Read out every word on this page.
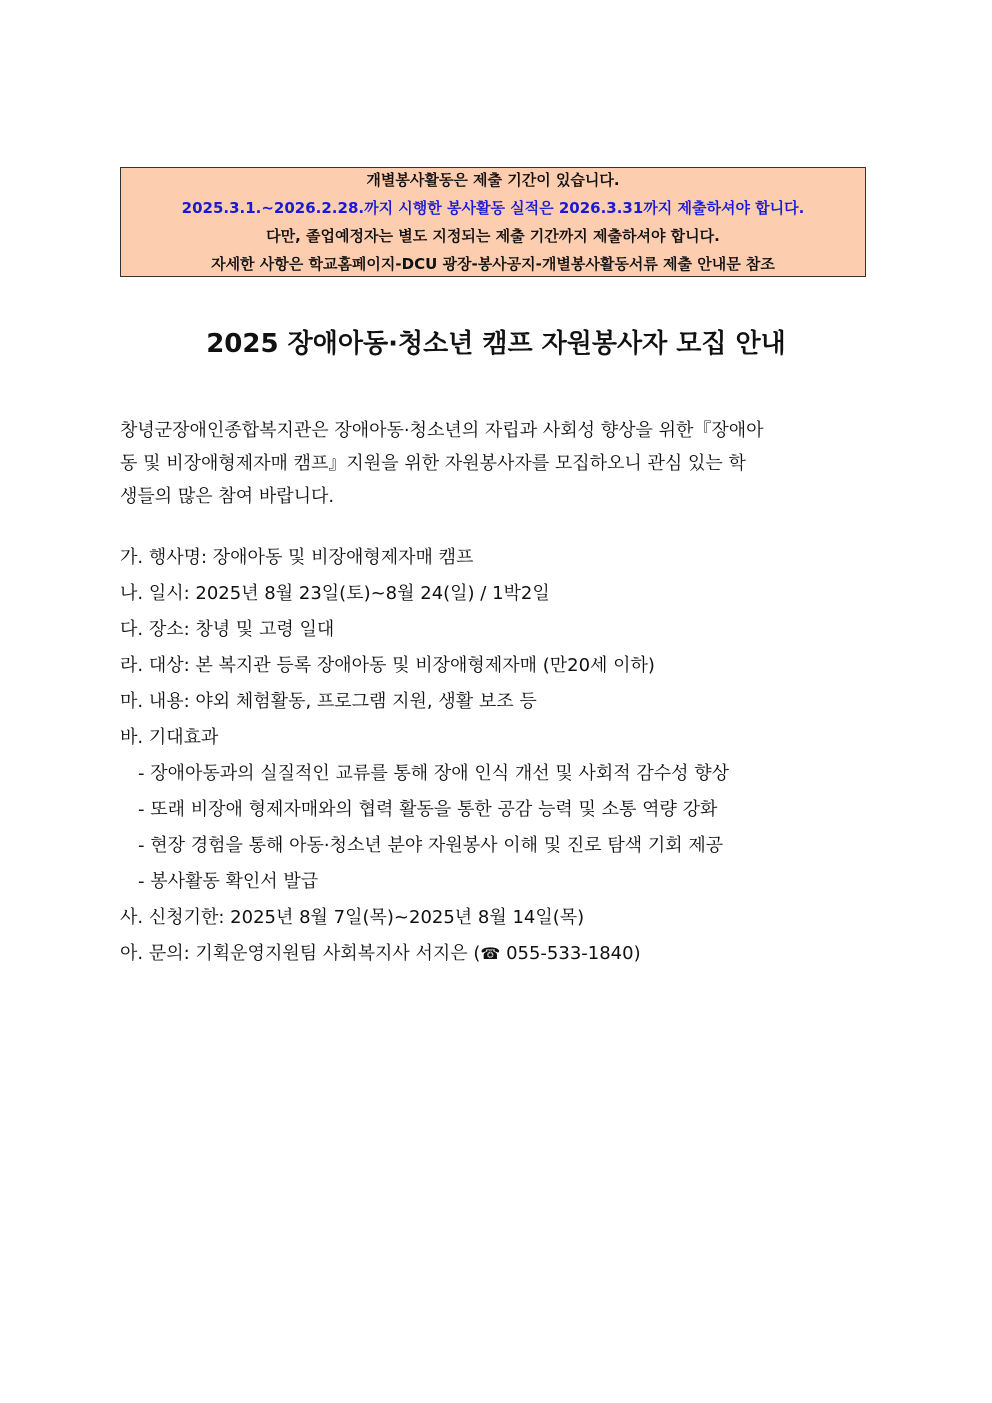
개별봉사활동은 제출 기간이 있습니다.
2025.3.1.~2026.2.28.까지 시행한 봉사활동 실적은 2026.3.31까지 제출하셔야 합니다.
다만, 졸업예정자는 별도 지정되는 제출 기간까지 제출하셔야 합니다.
자세한 사항은 학교홈페이지-DCU 광장-봉사공지-개별봉사활동서류 제출 안내문 참조
2025 장애아동·청소년 캠프 자원봉사자 모집 안내
창녕군장애인종합복지관은 장애아동·청소년의 자립과 사회성 향상을 위한『장애아
동 및 비장애형제자매 캠프』지원을 위한 자원봉사자를 모집하오니 관심 있는 학
생들의 많은 참여 바랍니다.
가. 행사명: 장애아동 및 비장애형제자매 캠프
나. 일시: 2025년 8월 23일(토)~8월 24(일) / 1박2일
다. 장소: 창녕 및 고령 일대
라. 대상: 본 복지관 등록 장애아동 및 비장애형제자매 (만20세 이하)
마. 내용: 야외 체험활동, 프로그램 지원, 생활 보조 등
바. 기대효과
- 장애아동과의 실질적인 교류를 통해 장애 인식 개선 및 사회적 감수성 향상
- 또래 비장애 형제자매와의 협력 활동을 통한 공감 능력 및 소통 역량 강화
- 현장 경험을 통해 아동·청소년 분야 자원봉사 이해 및 진로 탐색 기회 제공
- 봉사활동 확인서 발급
사. 신청기한: 2025년 8월 7일(목)~2025년 8월 14일(목)
아. 문의: 기획운영지원팀 사회복지사 서지은 (☎ 055-533-1840)
